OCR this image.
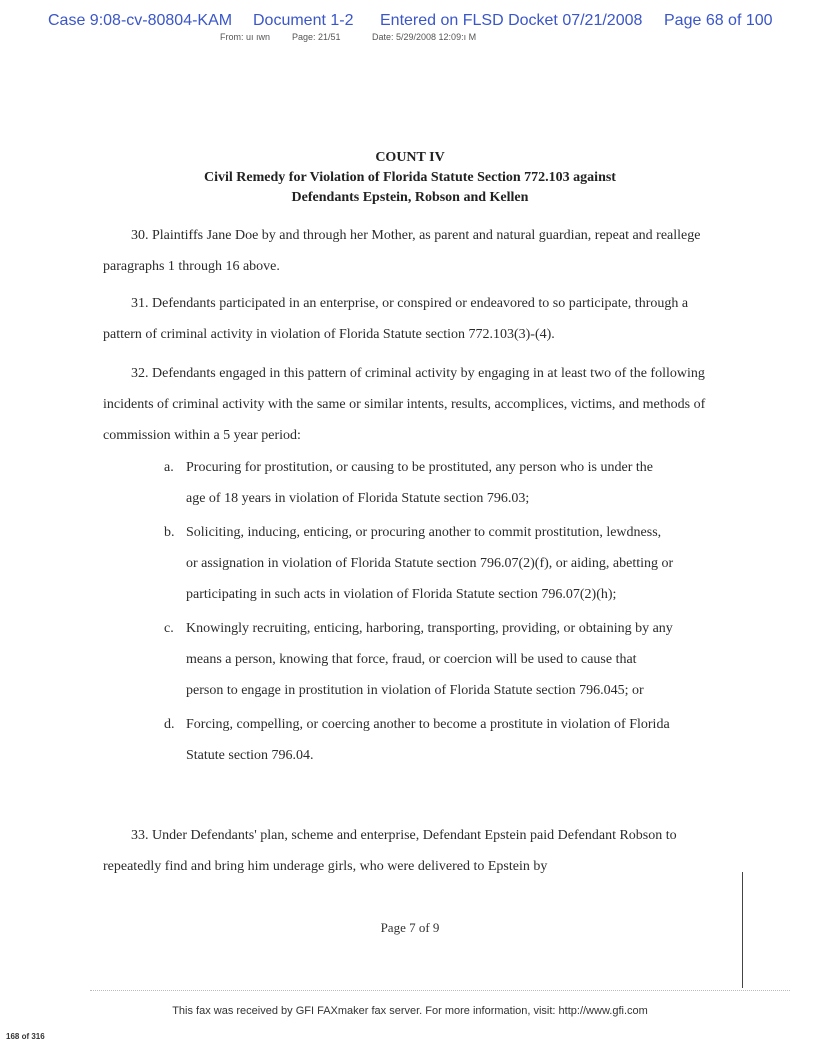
Case 9:08-cv-80804-KAM Document 1-2 Entered on FLSD Docket 07/21/2008 Page 68 of 100
From: uı ıwn Page: 21/51	Date: 5/29/2008 12:09:ı M
COUNT IV
Civil Remedy for Violation of Florida Statute Section 772.103 against
Defendants Epstein, Robson and Kellen

30. Plaintiffs Jane Doe by and through her Mother, as parent and natural guardian, repeat and reallege paragraphs 1 through 16 above.

31. Defendants participated in an enterprise, or conspired or endeavored to so participate, through a pattern of criminal activity in violation of Florida Statute section 772.103(3)-(4).

32. Defendants engaged in this pattern of criminal activity by engaging in at least two of the following incidents of criminal activity with the same or similar intents, results, accomplices, victims, and methods of commission within a 5 year period:

a. Procuring for prostitution, or causing to be prostituted, any person who is under the age of 18 years in violation of Florida Statute section 796.03;
b. Soliciting, inducing, enticing, or procuring another to commit prostitution, lewdness, or assignation in violation of Florida Statute section 796.07(2)(f), or aiding, abetting or participating in such acts in violation of Florida Statute section 796.07(2)(h);
c. Knowingly recruiting, enticing, harboring, transporting, providing, or obtaining by any means a person, knowing that force, fraud, or coercion will be used to cause that person to engage in prostitution in violation of Florida Statute section 796.045; or
d. Forcing, compelling, or coercing another to become a prostitute in violation of Florida Statute section 796.04.

33. Under Defendants' plan, scheme and enterprise, Defendant Epstein paid Defendant Robson to repeatedly find and bring him underage girls, who were delivered to Epstein by

Page 7 of 9
This fax was received by GFI FAXmaker fax server. For more information, visit: http://www.gfi.com
168 of 316
